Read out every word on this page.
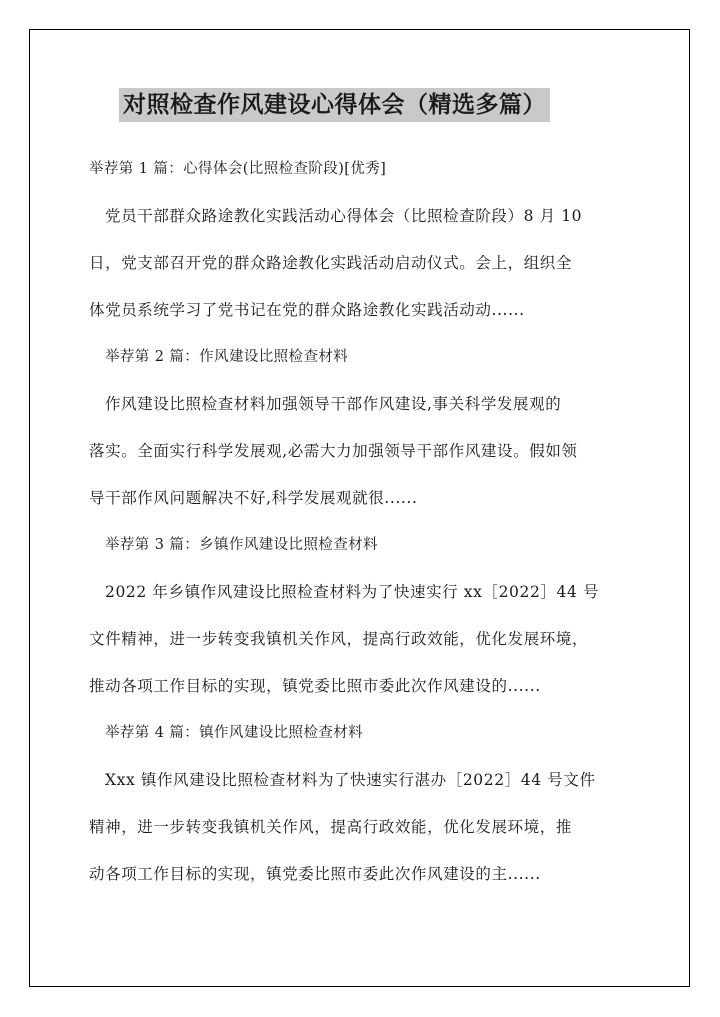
对照检查作风建设心得体会（精选多篇）
举荐第 1 篇：心得体会(比照检查阶段)[优秀]
党员干部群众路途教化实践活动心得体会（比照检查阶段）8 月 10
日，党支部召开党的群众路途教化实践活动启动仪式。会上，组织全
体党员系统学习了党书记在党的群众路途教化实践活动动......
举荐第 2 篇：作风建设比照检查材料
作风建设比照检查材料加强领导干部作风建设,事关科学发展观的
落实。全面实行科学发展观,必需大力加强领导干部作风建设。假如领
导干部作风问题解决不好,科学发展观就很......
举荐第 3 篇：乡镇作风建设比照检查材料
2022 年乡镇作风建设比照检查材料为了快速实行 xx［2022］44 号
文件精神，进一步转变我镇机关作风，提高行政效能，优化发展环境，
推动各项工作目标的实现，镇党委比照市委此次作风建设的......
举荐第 4 篇：镇作风建设比照检查材料
Xxx 镇作风建设比照检查材料为了快速实行湛办［2022］44 号文件
精神，进一步转变我镇机关作风，提高行政效能，优化发展环境，推
动各项工作目标的实现，镇党委比照市委此次作风建设的主......
